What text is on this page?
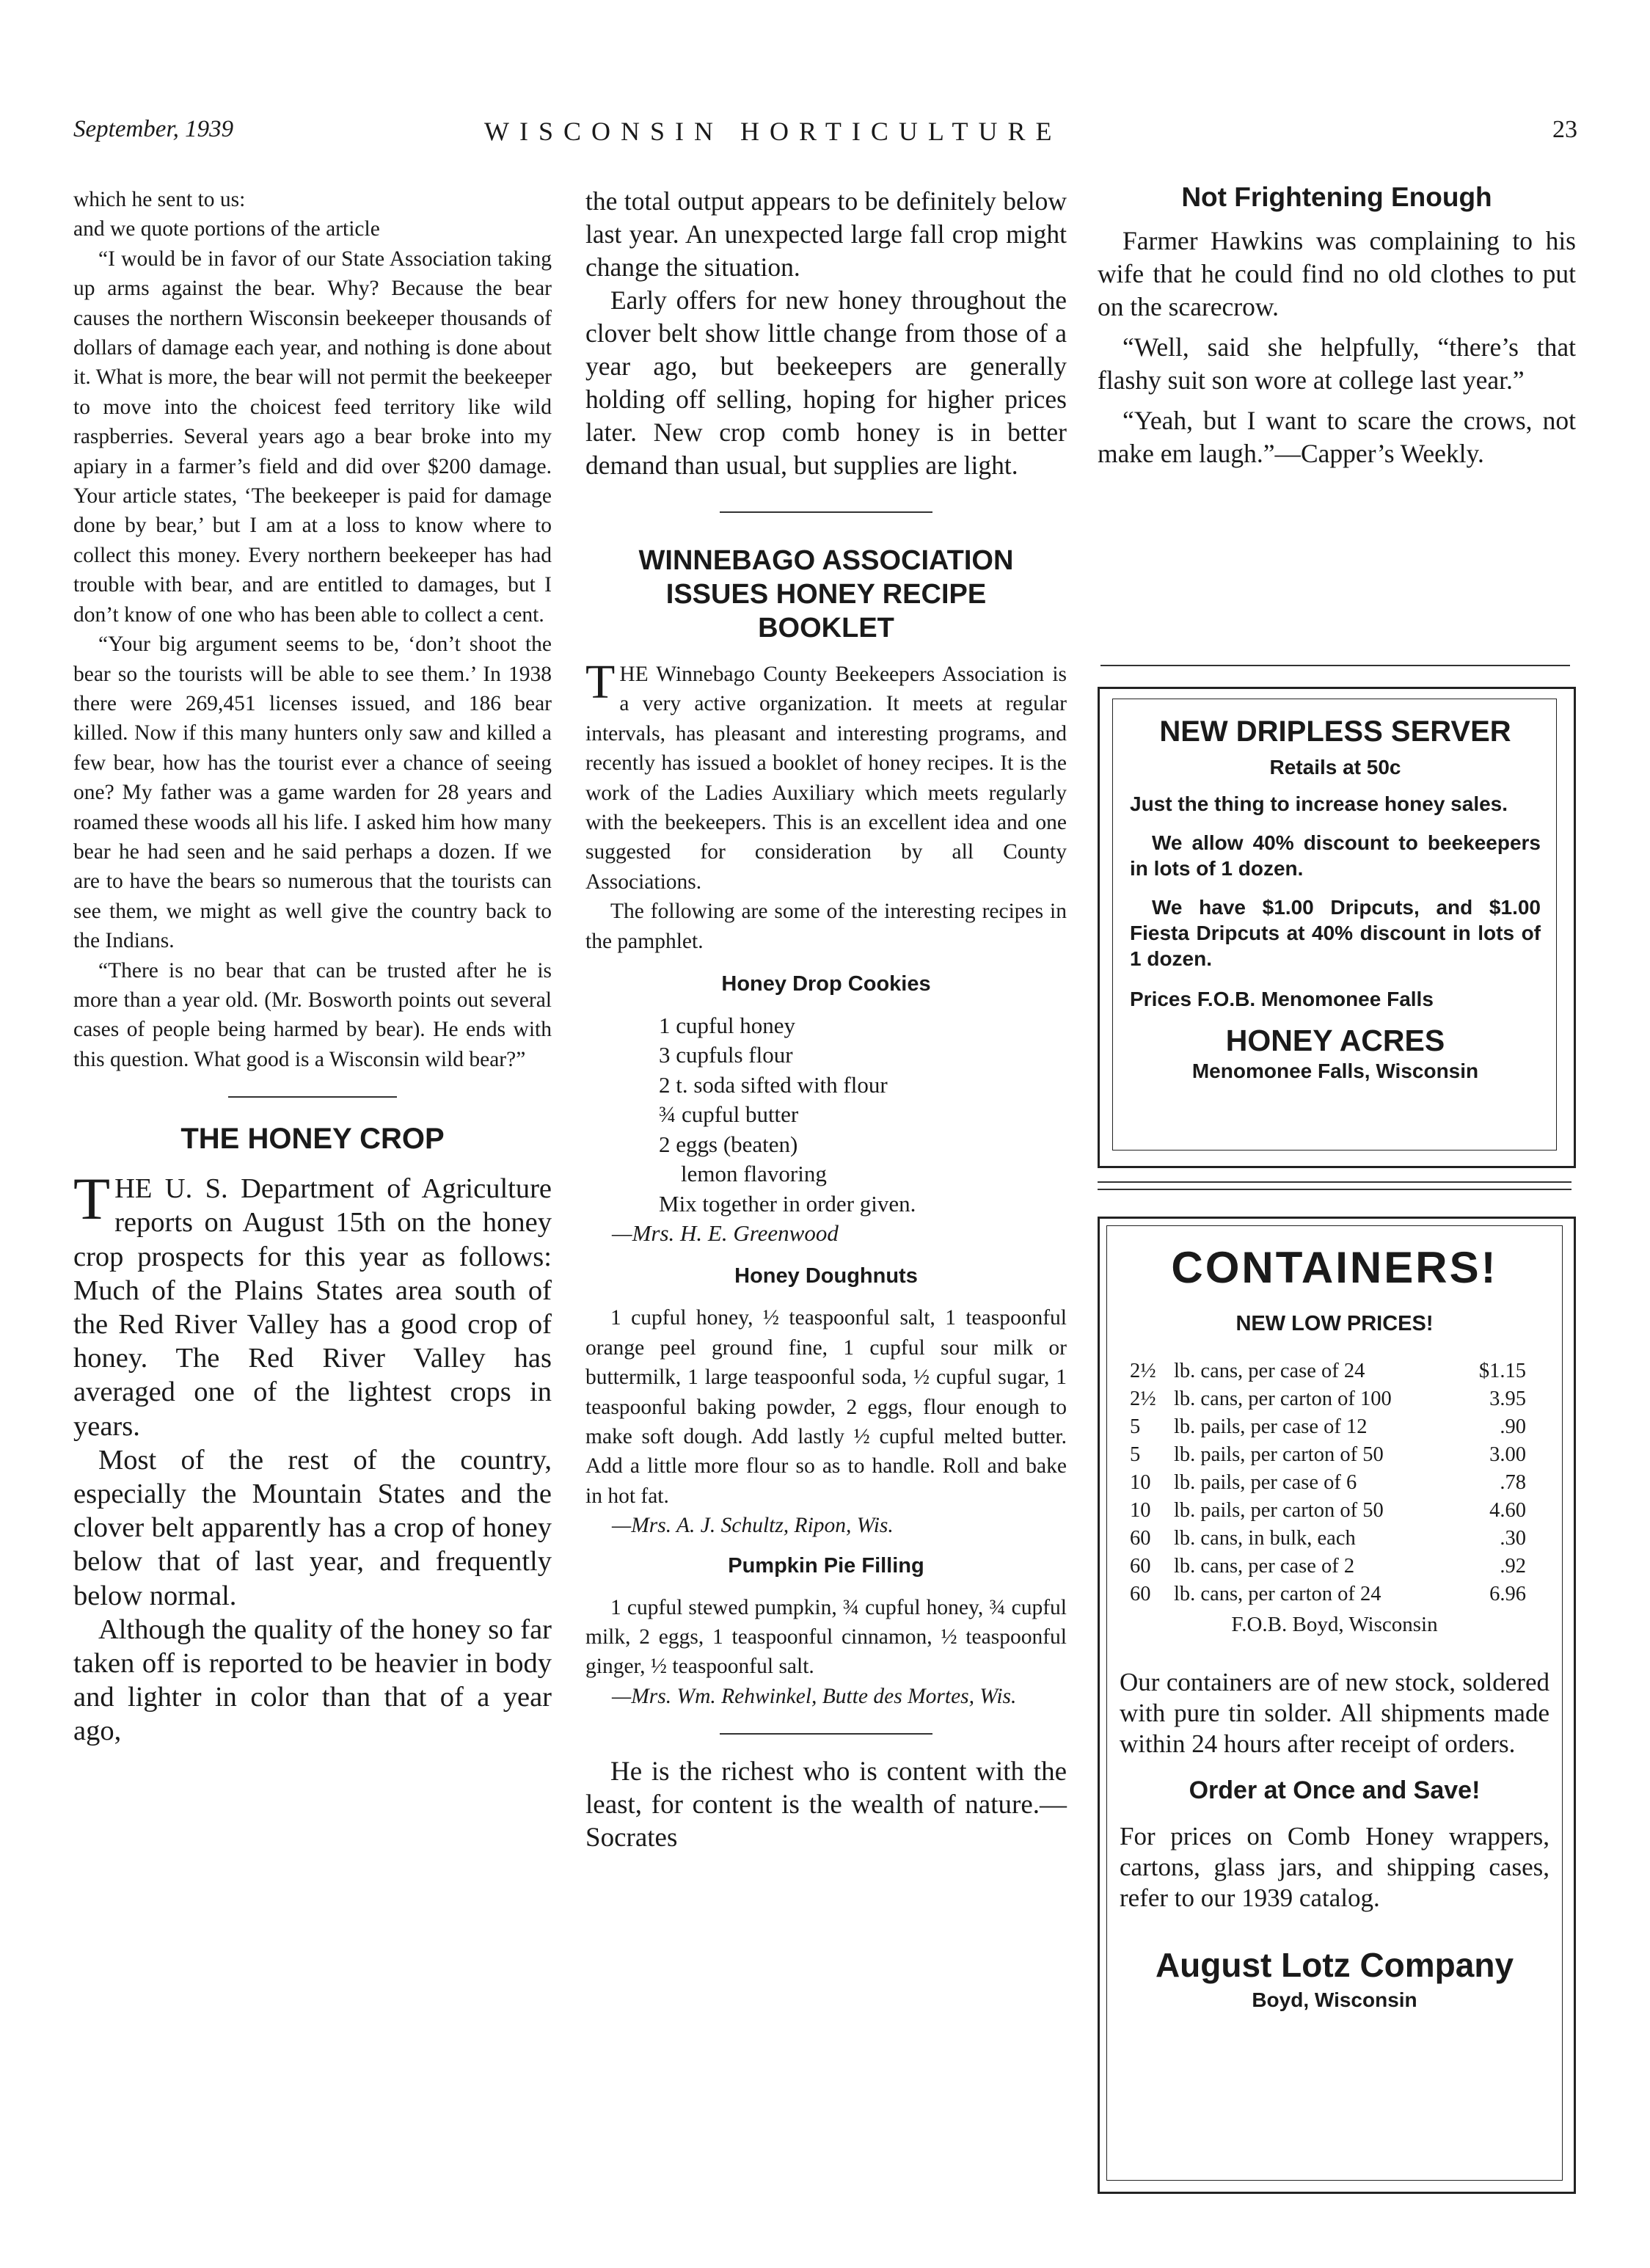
September, 1939	WISCONSIN HORTICULTURE	23

which he sent to us:

and we quote portions of the article

“I would be in favor of our State Association taking up arms against the bear. Why? Because the bear causes the northern Wisconsin beekeeper thousands of dollars of damage each year, and nothing is done about it. What is more, the bear will not permit the beekeeper to move into the choicest feed territory like wild raspberries. Several years ago a bear broke into my apiary in a farmer’s field and did over $200 damage. Your article states, ‘The beekeeper is paid for damage done by bear,’ but I am at a loss to know where to collect this money. Every northern beekeeper has had trouble with bear, and are entitled to damages, but I don’t know of one who has been able to collect a cent.

“Your big argument seems to be, ‘don’t shoot the bear so the tourists will be able to see them.’ In 1938 there were 269,451 licenses issued, and 186 bear killed. Now if this many hunters only saw and killed a few bear, how has the tourist ever a chance of seeing one? My father was a game warden for 28 years and roamed these woods all his life. I asked him how many bear he had seen and he said perhaps a dozen. If we are to have the bears so numerous that the tourists can see them, we might as well give the country back to the Indians.

“There is no bear that can be trusted after he is more than a year old. (Mr. Bosworth points out several cases of people being harmed by bear). He ends with this question. What good is a Wisconsin wild bear?”

THE HONEY CROP

THE U. S. Department of Agriculture reports on August 15th on the honey crop prospects for this year as follows: Much of the Plains States area south of the Red River Valley has a good crop of honey. The Red River Valley has averaged one of the lightest crops in years.

Most of the rest of the country, especially the Mountain States and the clover belt apparently has a crop of honey below that of last year, and frequently below normal.

Although the quality of the honey so far taken off is reported to be heavier in body and lighter in color than that of a year ago,

the total output appears to be definitely below last year. An unexpected large fall crop might change the situation.

Early offers for new honey throughout the clover belt show little change from those of a year ago, but beekeepers are generally holding off selling, hoping for higher prices later. New crop comb honey is in better demand than usual, but supplies are light.

WINNEBAGO ASSOCIATION
ISSUES HONEY RECIPE
BOOKLET

THE Winnebago County Beekeepers Association is a very active organization. It meets at regular intervals, has pleasant and interesting programs, and recently has issued a booklet of honey recipes. It is the work of the Ladies Auxiliary which meets regularly with the beekeepers. This is an excellent idea and one suggested for consideration by all County Associations.

The following are some of the interesting recipes in the pamphlet.

Honey Drop Cookies
1 cupful honey
3 cupfuls flour
2 t. soda sifted with flour
¾ cupful butter
2 eggs (beaten)
lemon flavoring

Mix together in order given.

—Mrs. H. E. Greenwood

Honey Doughnuts

1 cupful honey, ½ teaspoonful salt, 1 teaspoonful orange peel ground fine, 1 cupful sour milk or buttermilk, 1 large teaspoonful soda, ½ cupful sugar, 1 teaspoonful baking powder, 2 eggs, flour enough to make soft dough. Add lastly ½ cupful melted butter. Add a little more flour so as to handle. Roll and bake in hot fat.

—Mrs. A. J. Schultz, Ripon, Wis.

Pumpkin Pie Filling

1 cupful stewed pumpkin, ¾ cupful honey, ¾ cupful milk, 2 eggs, 1 teaspoonful cinnamon, ½ teaspoonful ginger, ½ teaspoonful salt.

—Mrs. Wm. Rehwinkel, Butte des Mortes, Wis.

He is the richest who is content with the least, for content is the wealth of nature.—Socrates

Not Frightening Enough

Farmer Hawkins was complaining to his wife that he could find no old clothes to put on the scarecrow.

“Well, said she helpfully, “there’s that flashy suit son wore at college last year.”

“Yeah, but I want to scare the crows, not make em laugh.”—Capper’s Weekly.

NEW DRIPLESS SERVER
Retails at 50c

Just the thing to increase honey sales.

We allow 40% discount to beekeepers in lots of 1 dozen.

We have $1.00 Dripcuts, and $1.00 Fiesta Dripcuts at 40% discount in lots of 1 dozen.

Prices F.O.B. Menomonee Falls

HONEY ACRES
Menomonee Falls, Wisconsin
CONTAINERS!
NEW LOW PRICES!
2½	lb. cans, per case of 24	$1.15
2½	lb. cans, per carton of 100	3.95
5	lb. pails, per case of 12	.90
5	lb. pails, per carton of 50	3.00
10	lb. pails, per case of 6	.78
10	lb. pails, per carton of 50	4.60
60	lb. cans, in bulk, each	.30
60	lb. cans, per case of 2	.92
60	lb. cans, per carton of 24	6.96
F.O.B. Boyd, Wisconsin

Our containers are of new stock, soldered with pure tin solder. All shipments made within 24 hours after receipt of orders.

Order at Once and Save!

For prices on Comb Honey wrappers, cartons, glass jars, and shipping cases, refer to our 1939 catalog.

August Lotz Company
Boyd, Wisconsin
